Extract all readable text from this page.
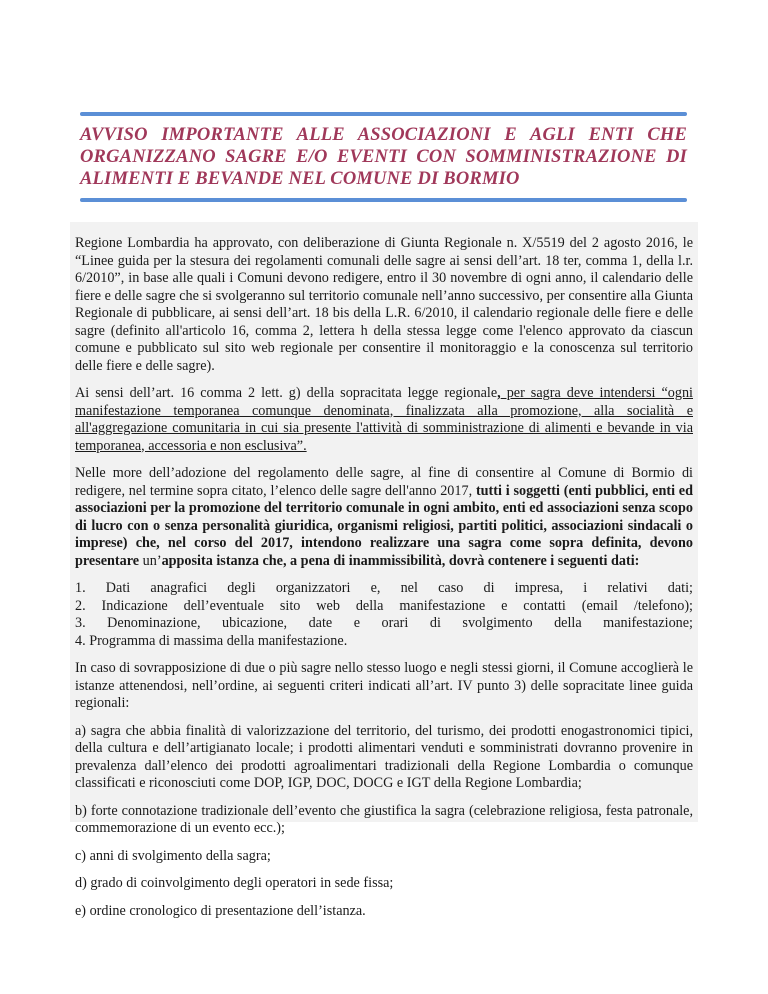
AVVISO IMPORTANTE ALLE ASSOCIAZIONI E AGLI ENTI CHE ORGANIZZANO SAGRE E/O EVENTI CON SOMMINISTRAZIONE DI ALIMENTI E BEVANDE NEL COMUNE DI BORMIO

Regione Lombardia ha approvato, con deliberazione di Giunta Regionale n. X/5519 del 2 agosto 2016, le “Linee guida per la stesura dei regolamenti comunali delle sagre ai sensi dell’art. 18 ter, comma 1, della l.r. 6/2010”, in base alle quali i Comuni devono redigere, entro il 30 novembre di ogni anno, il calendario delle fiere e delle sagre che si svolgeranno sul territorio comunale nell’anno successivo, per consentire alla Giunta Regionale di pubblicare, ai sensi dell’art. 18 bis della L.R. 6/2010, il calendario regionale delle fiere e delle sagre (definito all'articolo 16, comma 2, lettera h della stessa legge come l'elenco approvato da ciascun comune e pubblicato sul sito web regionale per consentire il monitoraggio e la conoscenza sul territorio delle fiere e delle sagre).

Ai sensi dell’art. 16 comma 2 lett. g) della sopracitata legge regionale, per sagra deve intendersi “ogni manifestazione temporanea comunque denominata, finalizzata alla promozione, alla socialità e all'aggregazione comunitaria in cui sia presente l'attività di somministrazione di alimenti e bevande in via temporanea, accessoria e non esclusiva”.

Nelle more dell’adozione del regolamento delle sagre, al fine di consentire al Comune di Bormio di redigere, nel termine sopra citato, l’elenco delle sagre dell'anno 2017, tutti i soggetti (enti pubblici, enti ed associazioni per la promozione del territorio comunale in ogni ambito, enti ed associazioni senza scopo di lucro con o senza personalità giuridica, organismi religiosi, partiti politici, associazioni sindacali o imprese) che, nel corso del 2017, intendono realizzare una sagra come sopra definita, devono presentare un’apposita istanza che, a pena di inammissibilità, dovrà contenere i seguenti dati:

1. Dati anagrafici degli organizzatori e, nel caso di impresa, i relativi dati;
2. Indicazione dell’eventuale sito web della manifestazione e contatti (email /telefono);
3. Denominazione, ubicazione, date e orari di svolgimento della manifestazione;
4. Programma di massima della manifestazione.

In caso di sovrapposizione di due o più sagre nello stesso luogo e negli stessi giorni, il Comune accoglierà le istanze attenendosi, nell’ordine, ai seguenti criteri indicati all’art. IV punto 3) delle sopracitate linee guida regionali:

a) sagra che abbia finalità di valorizzazione del territorio, del turismo, dei prodotti enogastronomici tipici, della cultura e dell’artigianato locale; i prodotti alimentari venduti e somministrati dovranno provenire in prevalenza dall’elenco dei prodotti agroalimentari tradizionali della Regione Lombardia o comunque classificati e riconosciuti come DOP, IGP, DOC, DOCG e IGT della Regione Lombardia;

b) forte connotazione tradizionale dell’evento che giustifica la sagra (celebrazione religiosa, festa patronale, commemorazione di un evento ecc.);

c) anni di svolgimento della sagra;

d) grado di coinvolgimento degli operatori in sede fissa;

e) ordine cronologico di presentazione dell’istanza.
